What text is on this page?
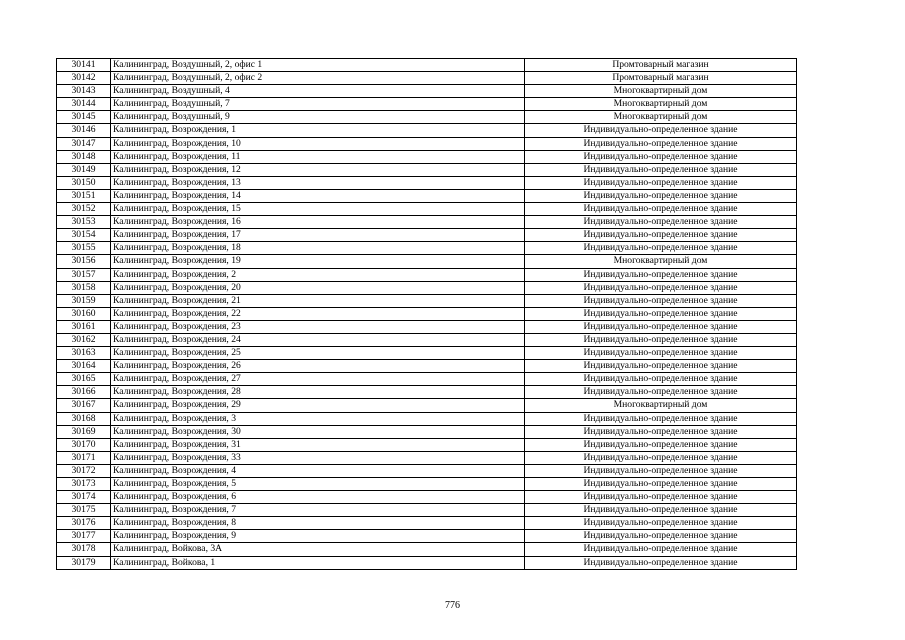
30141	Калининград, Воздушный, 2, офис 1	Промтоварный магазин
30142	Калининград, Воздушный, 2, офис 2	Промтоварный магазин
30143	Калининград, Воздушный, 4	Многоквартирный дом
30144	Калининград, Воздушный, 7	Многоквартирный дом
30145	Калининград, Воздушный, 9	Многоквартирный дом
30146	Калининград, Возрождения, 1	Индивидуально-определенное здание
30147	Калининград, Возрождения, 10	Индивидуально-определенное здание
30148	Калининград, Возрождения, 11	Индивидуально-определенное здание
30149	Калининград, Возрождения, 12	Индивидуально-определенное здание
30150	Калининград, Возрождения, 13	Индивидуально-определенное здание
30151	Калининград, Возрождения, 14	Индивидуально-определенное здание
30152	Калининград, Возрождения, 15	Индивидуально-определенное здание
30153	Калининград, Возрождения, 16	Индивидуально-определенное здание
30154	Калининград, Возрождения, 17	Индивидуально-определенное здание
30155	Калининград, Возрождения, 18	Индивидуально-определенное здание
30156	Калининград, Возрождения, 19	Многоквартирный дом
30157	Калининград, Возрождения, 2	Индивидуально-определенное здание
30158	Калининград, Возрождения, 20	Индивидуально-определенное здание
30159	Калининград, Возрождения, 21	Индивидуально-определенное здание
30160	Калининград, Возрождения, 22	Индивидуально-определенное здание
30161	Калининград, Возрождения, 23	Индивидуально-определенное здание
30162	Калининград, Возрождения, 24	Индивидуально-определенное здание
30163	Калининград, Возрождения, 25	Индивидуально-определенное здание
30164	Калининград, Возрождения, 26	Индивидуально-определенное здание
30165	Калининград, Возрождения, 27	Индивидуально-определенное здание
30166	Калининград, Возрождения, 28	Индивидуально-определенное здание
30167	Калининград, Возрождения, 29	Многоквартирный дом
30168	Калининград, Возрождения, 3	Индивидуально-определенное здание
30169	Калининград, Возрождения, 30	Индивидуально-определенное здание
30170	Калининград, Возрождения, 31	Индивидуально-определенное здание
30171	Калининград, Возрождения, 33	Индивидуально-определенное здание
30172	Калининград, Возрождения, 4	Индивидуально-определенное здание
30173	Калининград, Возрождения, 5	Индивидуально-определенное здание
30174	Калининград, Возрождения, 6	Индивидуально-определенное здание
30175	Калининград, Возрождения, 7	Индивидуально-определенное здание
30176	Калининград, Возрождения, 8	Индивидуально-определенное здание
30177	Калининград, Возрождения, 9	Индивидуально-определенное здание
30178	Калининград, Войкова, 3А	Индивидуально-определенное здание
30179	Калининград, Войкова, 1	Индивидуально-определенное здание
776
